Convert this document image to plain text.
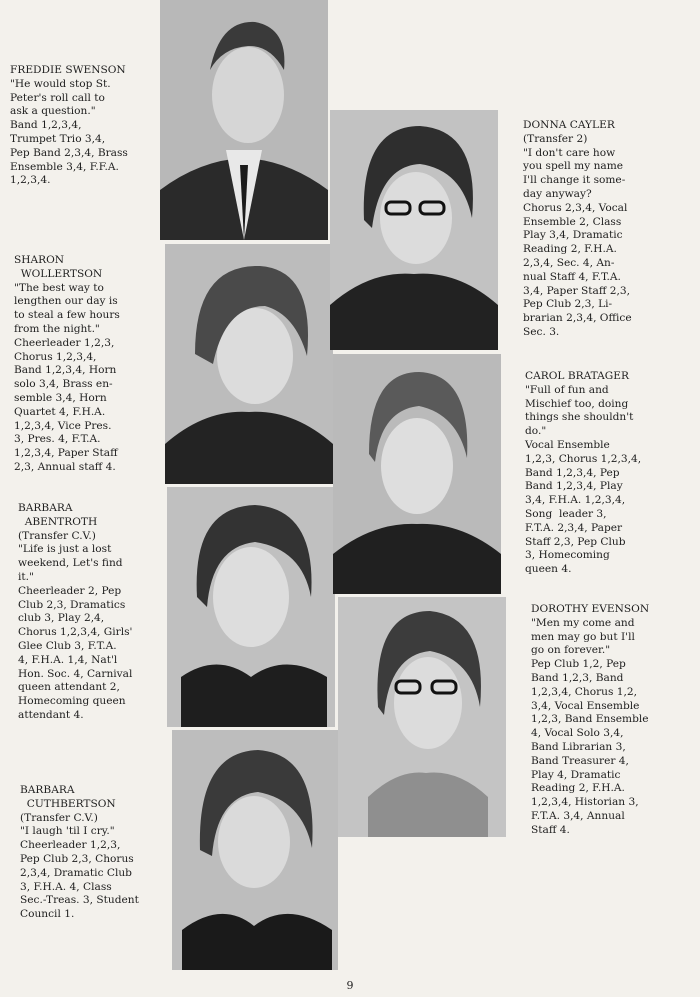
FREDDIE SWENSON
"He would stop St.
Peter's roll call to
ask a question."
Band 1,2,3,4,
Trumpet Trio 3,4,
Pep Band 2,3,4, Brass
Ensemble 3,4, F.F.A.
1,2,3,4.
SHARON
WOLLERTSON
"The best way to
lengthen our day is
to steal a few hours
from the night."
Cheerleader 1,2,3,
Chorus 1,2,3,4,
Band 1,2,3,4, Horn
solo 3,4, Brass en-
semble 3,4, Horn
Quartet 4, F.H.A.
1,2,3,4, Vice Pres.
3, Pres. 4, F.T.A.
1,2,3,4, Paper Staff
2,3, Annual staff 4.
BARBARA
ABENTROTH
(Transfer C.V.)
"Life is just a lost
weekend, Let's find
it."
Cheerleader 2, Pep
Club 2,3, Dramatics
club 3, Play 2,4,
Chorus 1,2,3,4, Girls'
Glee Club 3, F.T.A.
4, F.H.A. 1,4, Nat'l
Hon. Soc. 4, Carnival
queen attendant 2,
Homecoming queen
attendant 4.
BARBARA
CUTHBERTSON
(Transfer C.V.)
"I laugh 'til I cry."
Cheerleader 1,2,3,
Pep Club 2,3, Chorus
2,3,4, Dramatic Club
3, F.H.A. 4, Class
Sec.-Treas. 3, Student
Council 1.
DONNA CAYLER
(Transfer 2)
"I don't care how
you spell my name
I'll change it some-
day anyway?
Chorus 2,3,4, Vocal
Ensemble 2, Class
Play 3,4, Dramatic
Reading 2, F.H.A.
2,3,4, Sec. 4, An-
nual Staff 4, F.T.A.
3,4, Paper Staff 2,3,
Pep Club 2,3, Li-
brarian 2,3,4, Office
Sec. 3.
CAROL BRATAGER
"Full of fun and
Mischief too, doing
things she shouldn't
do."
Vocal Ensemble
1,2,3, Chorus 1,2,3,4,
Band 1,2,3,4, Pep
Band 1,2,3,4, Play
3,4, F.H.A. 1,2,3,4,
Song  leader 3,
F.T.A. 2,3,4, Paper
Staff 2,3, Pep Club
3, Homecoming
queen 4.
DOROTHY EVENSON
"Men my come and
men may go but I'll
go on forever."
Pep Club 1,2, Pep
Band 1,2,3, Band
1,2,3,4, Chorus 1,2,
3,4, Vocal Ensemble
1,2,3, Band Ensemble
4, Vocal Solo 3,4,
Band Librarian 3,
Band Treasurer 4,
Play 4, Dramatic
Reading 2, F.H.A.
1,2,3,4, Historian 3,
F.T.A. 3,4, Annual
Staff 4.
9
